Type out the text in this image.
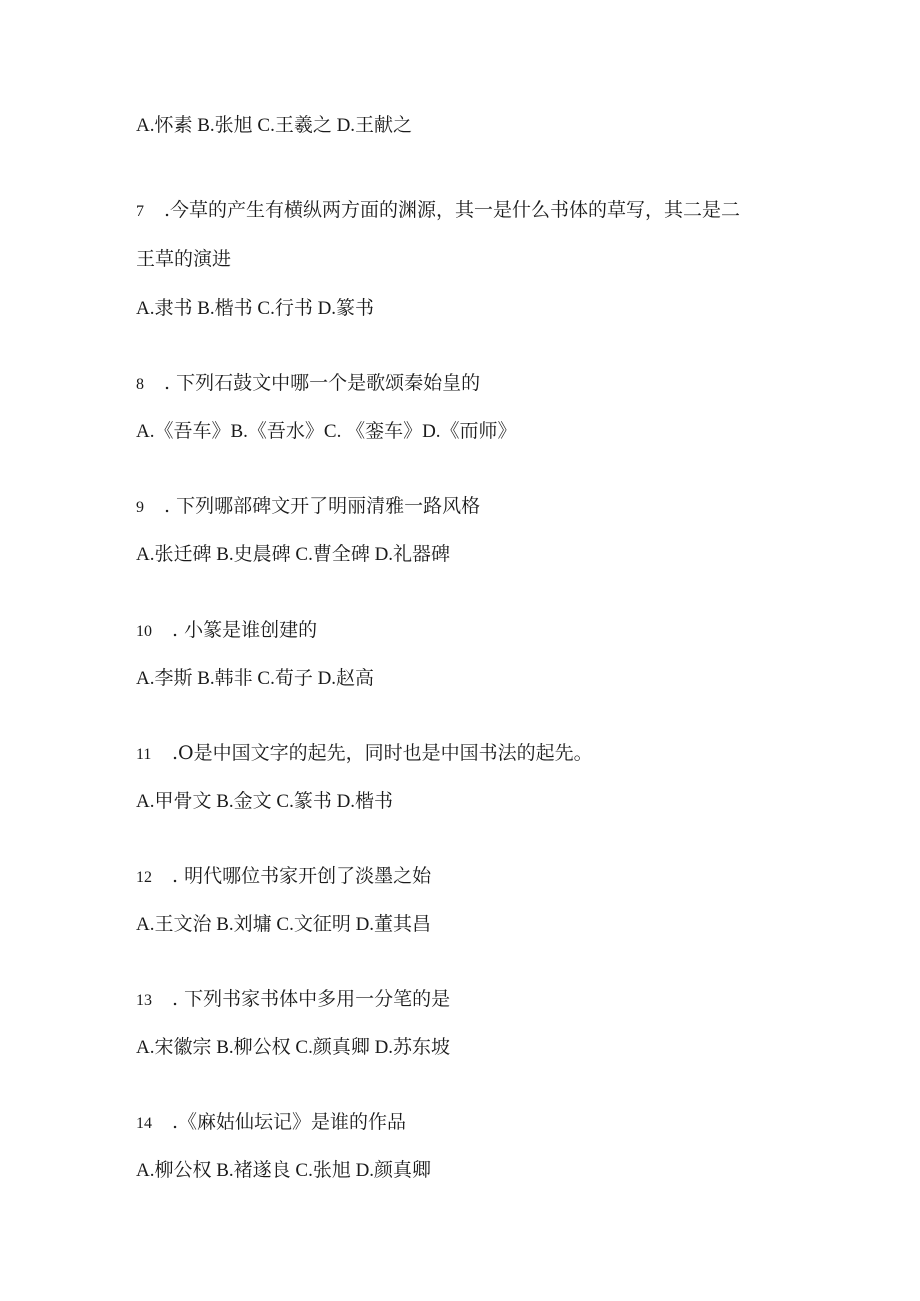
A.怀素 B.张旭 C.王羲之 D.王献之
7 .今草的产生有横纵两方面的渊源，其一是什么书体的草写，其二是二
王草的演进
A.隶书 B.楷书 C.行书 D.篆书
8 . 下列石鼓文中哪一个是歌颂秦始皇的
A.《吾车》B.《吾水》C. 《銮车》D.《而师》
9 . 下列哪部碑文开了明丽清雅一路风格
A.张迁碑 B.史晨碑 C.曹全碑 D.礼器碑
10 . 小篆是谁创建的
A.李斯 B.韩非 C.荀子 D.赵高
11 .O是中国文字的起先，同时也是中国书法的起先。
A.甲骨文 B.金文 C.篆书 D.楷书
12 . 明代哪位书家开创了淡墨之始
A.王文治 B.刘墉 C.文征明 D.董其昌
13 . 下列书家书体中多用一分笔的是
A.宋徽宗 B.柳公权 C.颜真卿 D.苏东坡
14 .《麻姑仙坛记》是谁的作品
A.柳公权 B.褚遂良 C.张旭 D.颜真卿
